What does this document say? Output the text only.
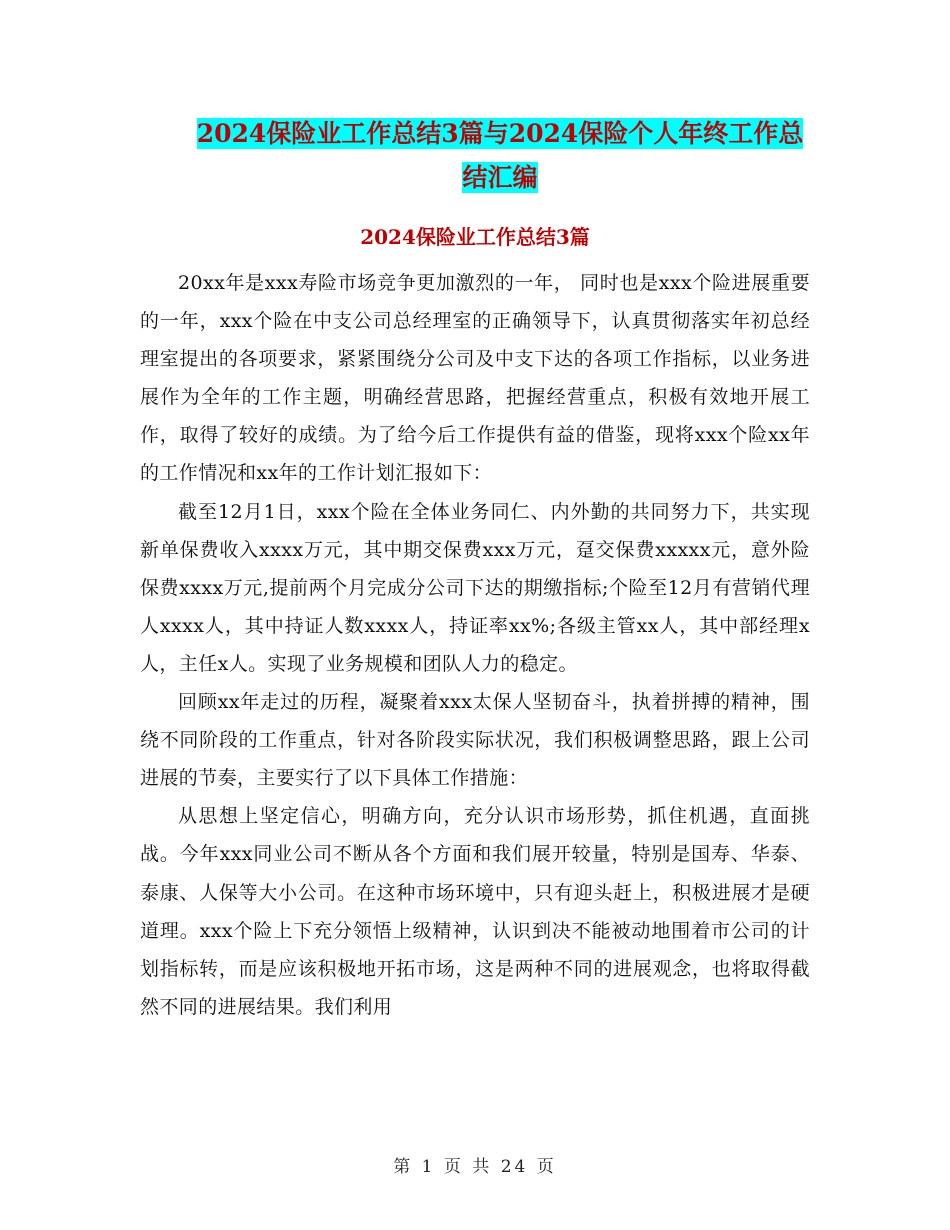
2024保险业工作总结3篇与2024保险个人年终工作总
结汇编
2024保险业工作总结3篇

20xx年是xxx寿险市场竞争更加激烈的一年， 同时也是xxx个险进展重要的一年，xxx个险在中支公司总经理室的正确领导下，认真贯彻落实年初总经理室提出的各项要求，紧紧围绕分公司及中支下达的各项工作指标，以业务进展作为全年的工作主题，明确经营思路，把握经营重点，积极有效地开展工作，取得了较好的成绩。为了给今后工作提供有益的借鉴，现将xxx个险xx年的工作情况和xx年的工作计划汇报如下：

截至12月1日，xxx个险在全体业务同仁、内外勤的共同努力下，共实现新单保费收入xxxx万元，其中期交保费xxx万元，趸交保费xxxxx元，意外险保费xxxx万元,提前两个月完成分公司下达的期缴指标;个险至12月有营销代理人xxxx人，其中持证人数xxxx人，持证率xx%;各级主管xx人，其中部经理x人，主任x人。实现了业务规模和团队人力的稳定。

回顾xx年走过的历程，凝聚着xxx太保人坚韧奋斗，执着拼搏的精神，围绕不同阶段的工作重点，针对各阶段实际状况，我们积极调整思路，跟上公司进展的节奏，主要实行了以下具体工作措施：

从思想上坚定信心，明确方向，充分认识市场形势，抓住机遇，直面挑战。今年xxx同业公司不断从各个方面和我们展开较量，特别是国寿、华泰、泰康、人保等大小公司。在这种市场环境中，只有迎头赶上，积极进展才是硬道理。xxx个险上下充分领悟上级精神，认识到决不能被动地围着市公司的计划指标转，而是应该积极地开拓市场，这是两种不同的进展观念，也将取得截然不同的进展结果。我们利用

第 1 页 共 24 页
